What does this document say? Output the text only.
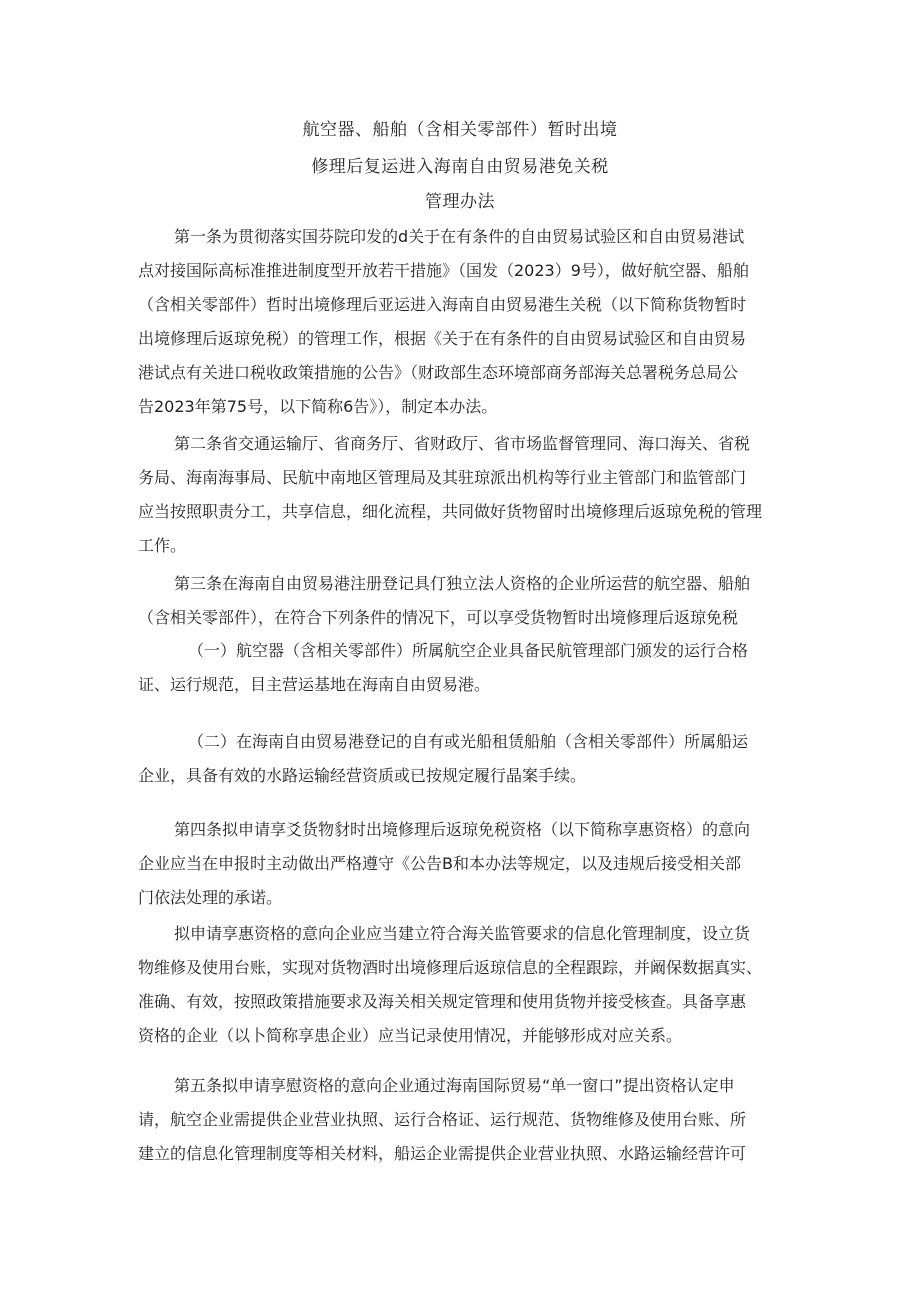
航空器、船舶（含相关零部件）暂时出境
修理后复运进入海南自由贸易港免关税
管理办法
第一条为贯彻落实国芬院印发的d关于在有条件的自由贸易试验区和自由贸易港试
点对接国际高标准推进制度型开放若干措施》（国发（2023）9号），做好航空器、船舶
（含相关零部件）哲时出境修理后亚运进入海南自由贸易港生关税（以下简称货物暂时
出境修理后返琼免税）的管理工作，根据《关于在有条件的自由贸易试验区和自由贸易
港试点有关进口税收政策措施的公告》（财政部生态环境部商务部海关总署税务总局公
告2023年第75号，以下简称6告》），制定本办法。
第二条省交通运输厅、省商务厅、省财政厅、省市场监督管理同、海口海关、省税
务局、海南海事局、民航中南地区管理局及其驻琼派出机构等行业主管部门和监管部门
应当按照职责分工，共享信息，细化流程，共同做好货物留时出境修理后返琼免税的管理
工作。
第三条在海南自由贸易港注册登记具仃独立法人资格的企业所运营的航空器、船舶
（含相关零部件），在符合下列条件的情况下，可以享受货物暂时出境修理后返琼免税
（一）航空器（含相关零部件）所属航空企业具备民航管理部门颁发的运行合格
证、运行规范，目主营运基地在海南自由贸易港。
（二）在海南自由贸易港登记的自有或光船租赁船舶（含相关零部件）所属船运
企业，具备有效的水路运输经营资质或已按规定履行晶案手续。
第四条拟申请享爻货物豺时出境修理后返琼免税资格（以下简称享惠资格）的意向
企业应当在申报时主动做出严格遵守《公告B和本办法等规定，以及违规后接受相关部
门依法处理的承诺。
拟申请享惠资格的意向企业应当建立符合海关监管要求的信息化管理制度，设立货
物维修及使用台账，实现对货物酒时出境修理后返琼信息的全程跟踪，并阚保数据真实、
准确、有效，按照政策措施要求及海关相关规定管理和使用货物并接受核查。具备享惠
资格的企业（以卜简称享患企业）应当记录使用情况，并能够形成对应关系。
第五条拟申请享慰资格的意向企业通过海南国际贸易“单一窗口”提出资格认定申
请，航空企业需提供企业营业执照、运行合格证、运行规范、货物维修及使用台账、所
建立的信息化管理制度等相关材料，船运企业需提供企业营业执照、水路运输经营许可
